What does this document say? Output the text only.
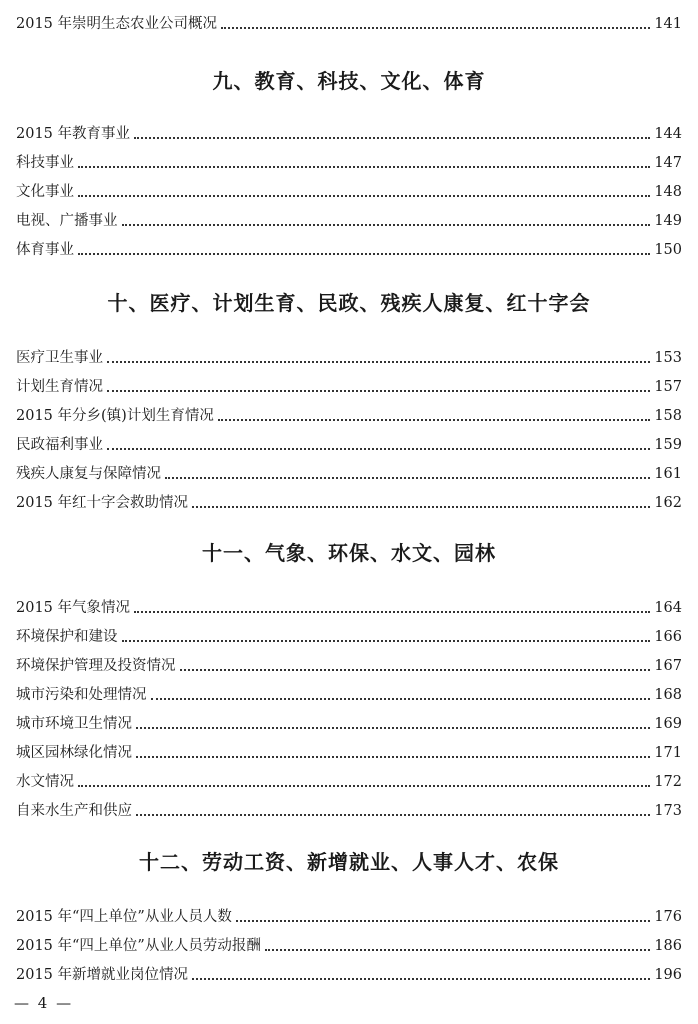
2015 年崇明生态农业公司概况	141
九、教育、科技、文化、体育
2015 年教育事业	144
科技事业	147
文化事业	148
电视、广播事业	149
体育事业	150
十、医疗、计划生育、民政、残疾人康复、红十字会
医疗卫生事业	153
计划生育情况	157
2015 年分乡(镇)计划生育情况	158
民政福利事业	159
残疾人康复与保障情况	161
2015 年红十字会救助情况	162
十一、气象、环保、水文、园林
2015 年气象情况	164
环境保护和建设	166
环境保护管理及投资情况	167
城市污染和处理情况	168
城市环境卫生情况	169
城区园林绿化情况	171
水文情况	172
自来水生产和供应	173
十二、劳动工资、新增就业、人事人才、农保
2015 年“四上单位”从业人员人数	176
2015 年“四上单位”从业人员劳动报酬	186
2015 年新增就业岗位情况	196
— 4 —
